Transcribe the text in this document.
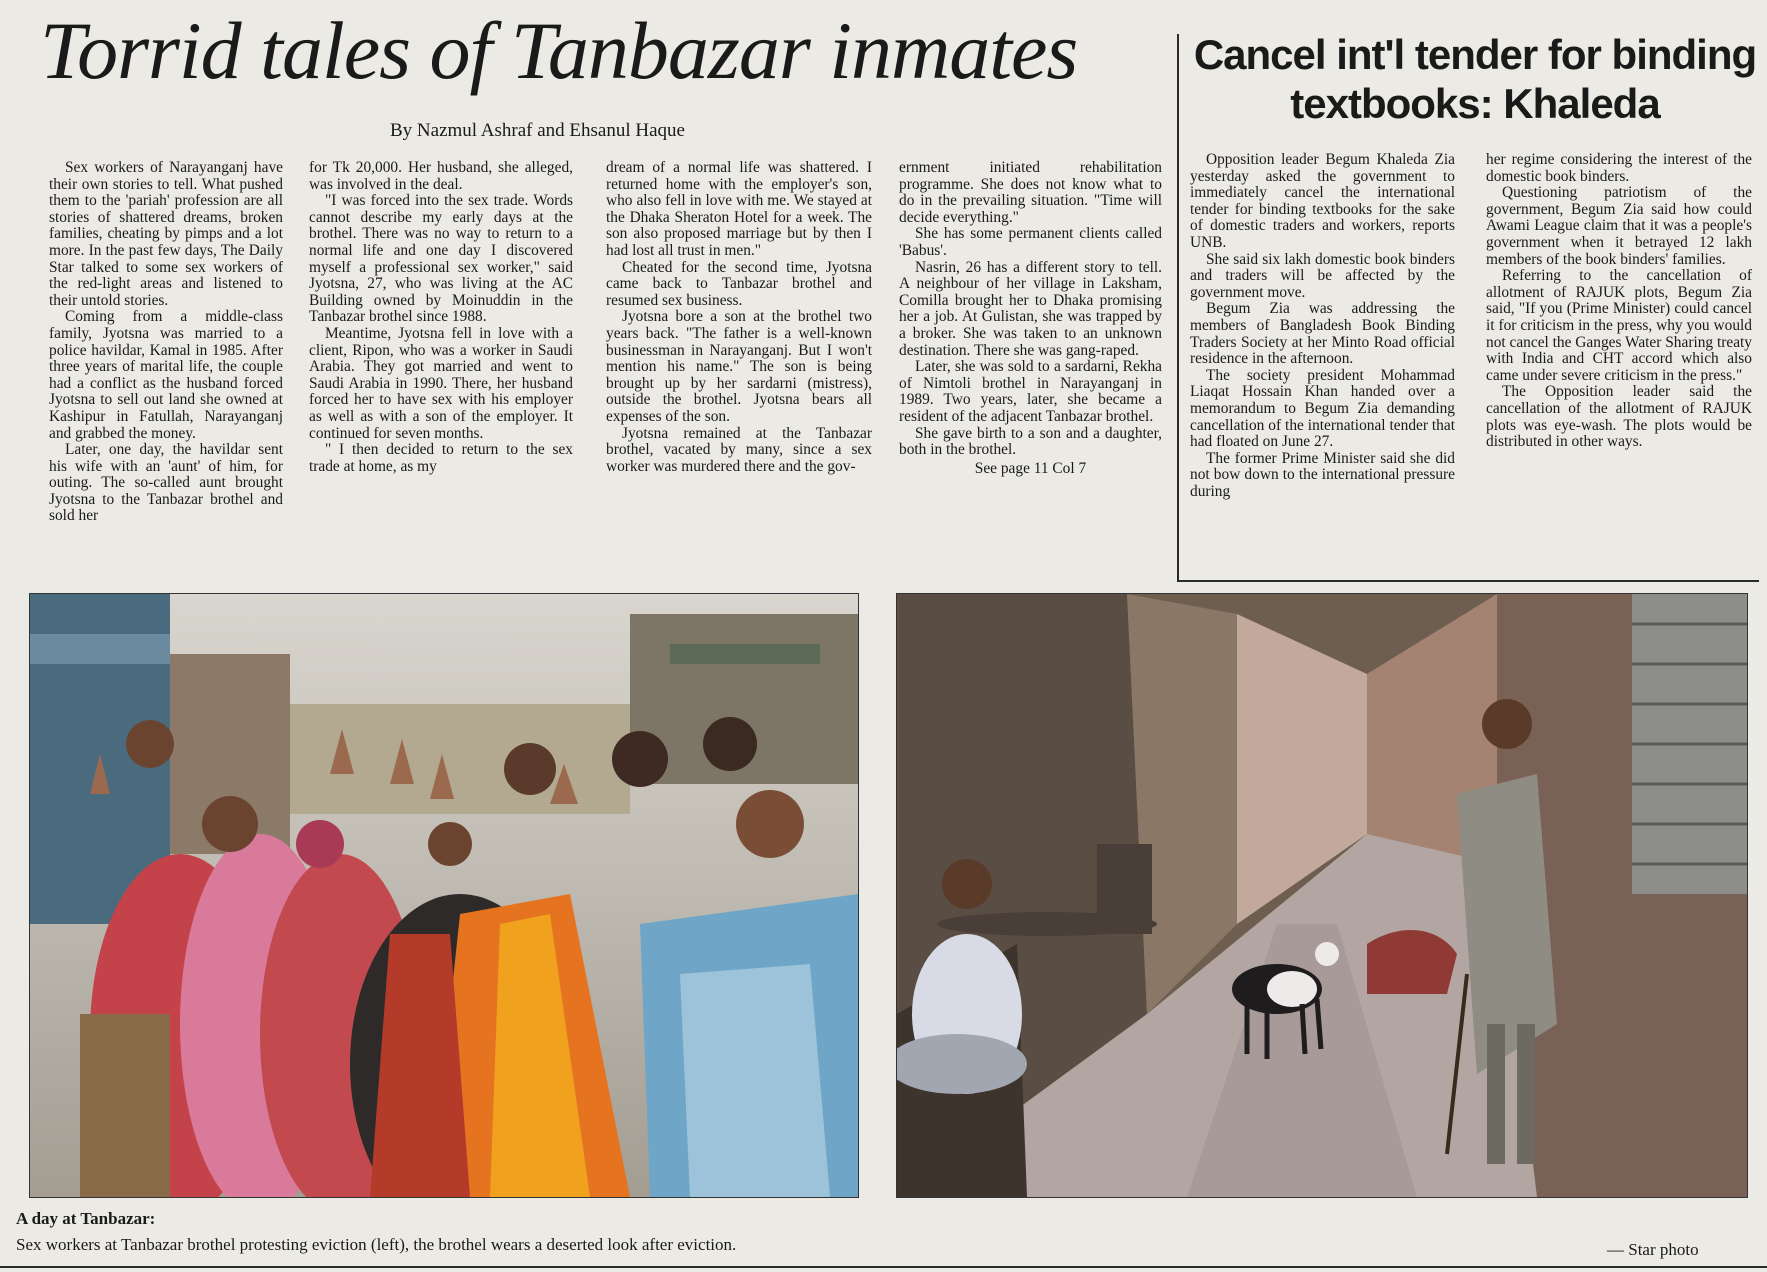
Torrid tales of Tanbazar inmates

By Nazmul Ashraf and Ehsanul Haque

Sex workers of Narayanganj have their own stories to tell. What pushed them to the 'pariah' profession are all stories of shattered dreams, broken families, cheating by pimps and a lot more. In the past few days, The Daily Star talked to some sex workers of the red-light areas and listened to their untold stories.

Coming from a middle-class family, Jyotsna was married to a police havildar, Kamal in 1985. After three years of marital life, the couple had a conflict as the husband forced Jyotsna to sell out land she owned at Kashipur in Fatullah, Narayanganj and grabbed the money.

Later, one day, the havildar sent his wife with an 'aunt' of him, for outing. The so-called aunt brought Jyotsna to the Tanbazar brothel and sold her

for Tk 20,000. Her husband, she alleged, was involved in the deal.

"I was forced into the sex trade. Words cannot describe my early days at the brothel. There was no way to return to a normal life and one day I discovered myself a professional sex worker," said Jyotsna, 27, who was living at the AC Building owned by Moinuddin in the Tanbazar brothel since 1988.

Meantime, Jyotsna fell in love with a client, Ripon, who was a worker in Saudi Arabia. They got married and went to Saudi Arabia in 1990. There, her husband forced her to have sex with his employer as well as with a son of the employer. It continued for seven months.

" I then decided to return to the sex trade at home, as my

dream of a normal life was shattered. I returned home with the employer's son, who also fell in love with me. We stayed at the Dhaka Sheraton Hotel for a week. The son also proposed marriage but by then I had lost all trust in men."

Cheated for the second time, Jyotsna came back to Tanbazar brothel and resumed sex business.

Jyotsna bore a son at the brothel two years back. "The father is a well-known businessman in Narayanganj. But I won't mention his name." The son is being brought up by her sardarni (mistress), outside the brothel. Jyotsna bears all expenses of the son.

Jyotsna remained at the Tanbazar brothel, vacated by many, since a sex worker was murdered there and the gov-

ernment initiated rehabilitation programme. She does not know what to do in the prevailing situation. "Time will decide everything."

She has some permanent clients called 'Babus'.

Nasrin, 26 has a different story to tell. A neighbour of her village in Laksham, Comilla brought her to Dhaka promising her a job. At Gulistan, she was trapped by a broker. She was taken to an unknown destination. There she was gang-raped.

Later, she was sold to a sardarni, Rekha of Nimtoli brothel in Narayanganj in 1989. Two years, later, she became a resident of the adjacent Tanbazar brothel.

She gave birth to a son and a daughter, both in the brothel.

See page 11 Col 7

Cancel int'l tender for binding textbooks: Khaleda

Opposition leader Begum Khaleda Zia yesterday asked the government to immediately cancel the international tender for binding textbooks for the sake of domestic traders and workers, reports UNB.

She said six lakh domestic book binders and traders will be affected by the government move.

Begum Zia was addressing the members of Bangladesh Book Binding Traders Society at her Minto Road official residence in the afternoon.

The society president Mohammad Liaqat Hossain Khan handed over a memorandum to Begum Zia demanding cancellation of the international tender that had floated on June 27.

The former Prime Minister said she did not bow down to the international pressure during

her regime considering the interest of the domestic book binders.

Questioning patriotism of the government, Begum Zia said how could Awami League claim that it was a people's government when it betrayed 12 lakh members of the book binders' families.

Referring to the cancellation of allotment of RAJUK plots, Begum Zia said, "If you (Prime Minister) could cancel it for criticism in the press, why you would not cancel the Ganges Water Sharing treaty with India and CHT accord which also came under severe criticism in the press."

The Opposition leader said the cancellation of the allotment of RAJUK plots was eye-wash. The plots would be distributed in other ways.

A day at Tanbazar:

Sex workers at Tanbazar brothel protesting eviction (left), the brothel wears a deserted look after eviction.	— Star photo
